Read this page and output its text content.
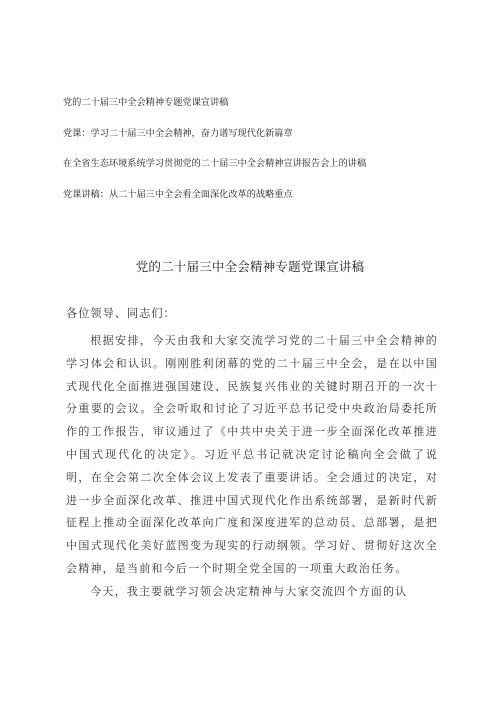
党的二十届三中全会精神专题党课宣讲稿
党课：学习二十届三中全会精神，奋力谱写现代化新篇章
在全省生态环境系统学习贯彻党的二十届三中全会精神宣讲报告会上的讲稿
党课讲稿：从二十届三中全会看全面深化改革的战略重点
党的二十届三中全会精神专题党课宣讲稿
各位领导、同志们：

根据安排，今天由我和大家交流学习党的二十届三中全会精神的学习体会和认识。刚刚胜利闭幕的党的二十届三中全会，是在以中国式现代化全面推进强国建设、民族复兴伟业的关键时期召开的一次十分重要的会议。全会听取和讨论了习近平总书记受中央政治局委托所作的工作报告，审议通过了《中共中央关于进一步全面深化改革推进中国式现代化的决定》。习近平总书记就决定讨论稿向全会做了说明，在全会第二次全体会议上发表了重要讲话。全会通过的决定，对进一步全面深化改革、推进中国式现代化作出系统部署，是新时代新征程上推动全面深化改革向广度和深度进军的总动员、总部署，是把中国式现代化美好蓝图变为现实的行动纲领。学习好、贯彻好这次全会精神，是当前和今后一个时期全党全国的一项重大政治任务。

今天，我主要就学习领会决定精神与大家交流四个方面的认
